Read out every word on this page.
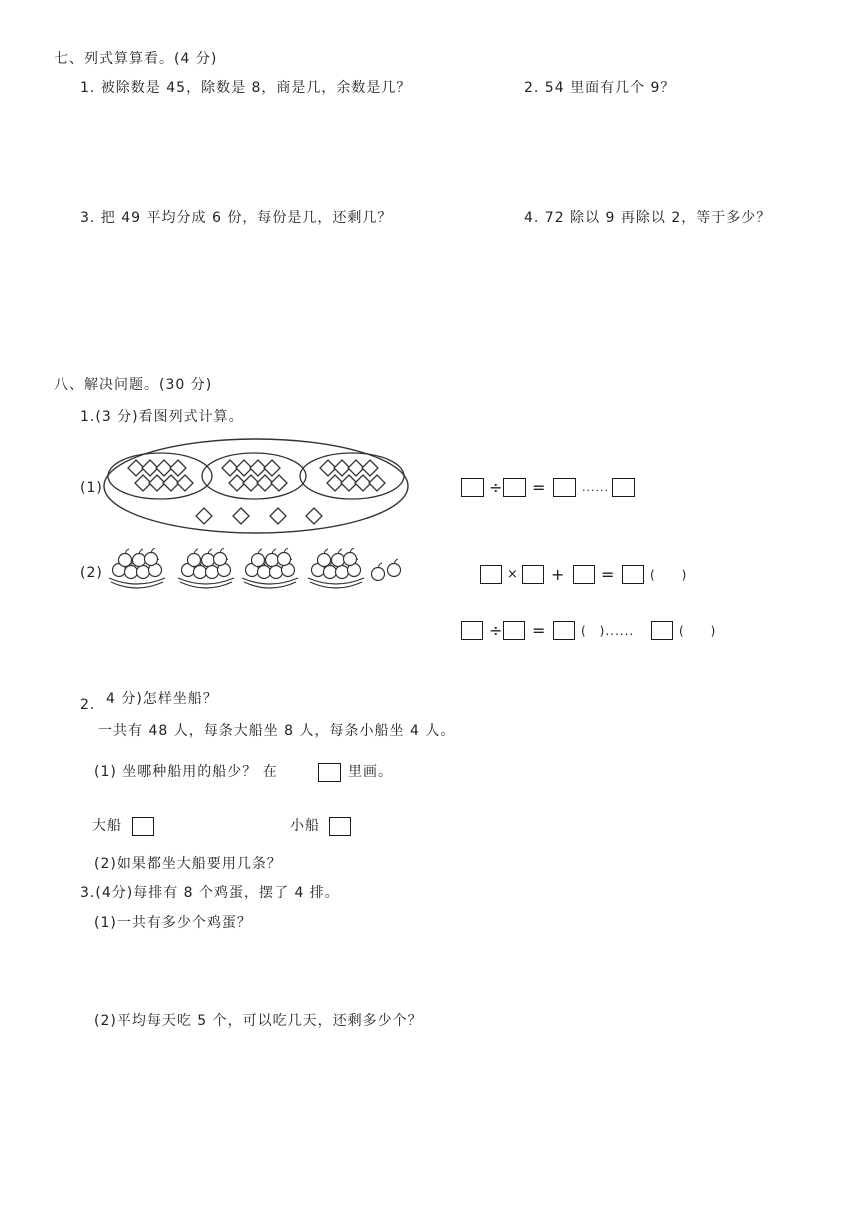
七、列式算算看。(4 分)
1. 被除数是 45，除数是 8，商是几，余数是几？	2. 54 里面有几个 9？
3. 把 49 平均分成 6 份，每份是几，还剩几？	4. 72 除以 9 再除以 2，等于多少？
八、解决问题。(30 分)
1.(3 分)看图列式计算。
(1)	÷ =	......
(2)	× + =	(　　)
÷ =	(　)......	(　　)
2. 4 分)怎样坐船？
一共有 48 人，每条大船坐 8 人，每条小船坐 4 人。
(1) 坐哪种船用的船少？ 在	里画。
大船	小船
(2)如果都坐大船要用几条？
3.(4分)每排有 8 个鸡蛋，摆了 4 排。
(1)一共有多少个鸡蛋？
(2)平均每天吃 5 个，可以吃几天，还剩多少个？
